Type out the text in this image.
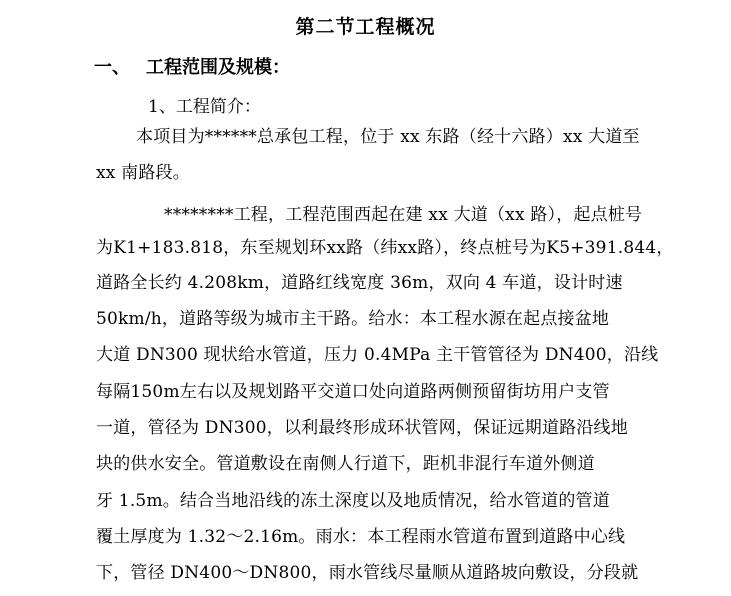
第二节工程概况
一、 工程范围及规模：
1、工程简介：
本项目为******总承包工程，位于 xx 东路（经十六路）xx 大道至
xx 南路段。
********工程，工程范围西起在建 xx 大道（xx 路），起点桩号
为K1+183.818，东至规划环xx路（纬xx路），终点桩号为K5+391.844，
道路全长约 4.208km，道路红线宽度 36m，双向 4 车道，设计时速
50km/h，道路等级为城市主干路。给水：本工程水源在起点接盆地
大道 DN300 现状给水管道，压力 0.4MPa 主干管管径为 DN400，沿线
每隔150m左右以及规划路平交道口处向道路两侧预留街坊用户支管
一道，管径为 DN300，以利最终形成环状管网，保证远期道路沿线地
块的供水安全。管道敷设在南侧人行道下，距机非混行车道外侧道
牙 1.5m。结合当地沿线的冻土深度以及地质情况，给水管道的管道
覆土厚度为 1.32～2.16m。雨水：本工程雨水管道布置到道路中心线
下，管径 DN400～DN800，雨水管线尽量顺从道路坡向敷设，分段就
